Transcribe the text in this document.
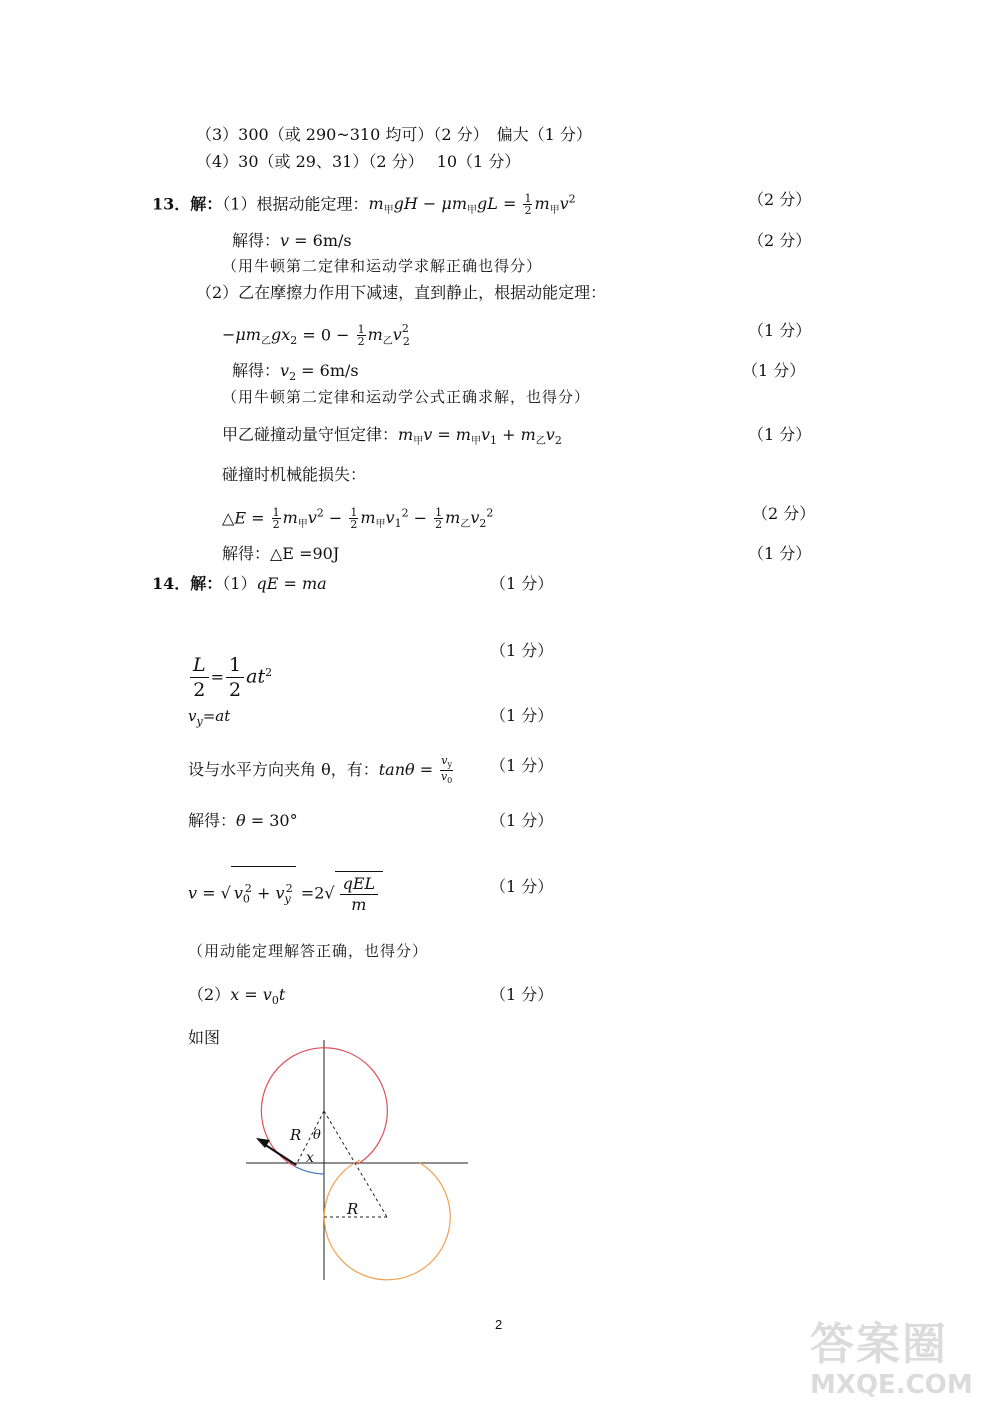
（3）300（或 290~310 均可）（2 分）　偏大（1 分）
（4）30（或 29、31）（2 分）　 10（1 分）
13．解：（1）根据动能定理：$m_甲gH - \mu m_甲gL = \frac{1}{2} m_甲v^2$	（2 分）
解得：v = 6m/s	（2 分）
（用牛顿第二定律和运动学求解正确也得分）
（2）乙在摩擦力作用下减速，直到静止，根据动能定理：
$-\mu m_乙gx_2 = 0 - \frac{1}{2} m_乙v^2_2$
（1 分）
解得：$v_2 = 6m/s$	（1 分）
（用牛顿第二定律和运动学公式正确求解，也得分）
甲乙碰撞动量守恒定律：$m_甲v = m_甲v_1 + m_乙v_2$	（1 分）
碰撞时机械能损失：
△E = $\frac{1}{2} m_甲v^2 - \frac{1}{2} m_甲v_1^2 - \frac{1}{2} m_乙v_2^2$	（2 分）
解得：△E =90J	（1 分）
14．解：（1）qE = ma	（1 分）
$\frac{L}{2} = \frac{1}{2} at^2$
（1 分）
$v_y=at$	（1 分）
设与水平方向夹角 θ，有：$\tan\theta = \frac{v_y}{v_0} (1$ 分）
解得：θ = 30°	（1 分）
v = √ $v_0^2 + v_y^2 =2√$ qEL
m
（1 分）
（用动能定理解答正确，也得分）
$(2)x = v_0t$	（1 分）
如图
R θ
x
R
2	答案圈
MXQE.COM
